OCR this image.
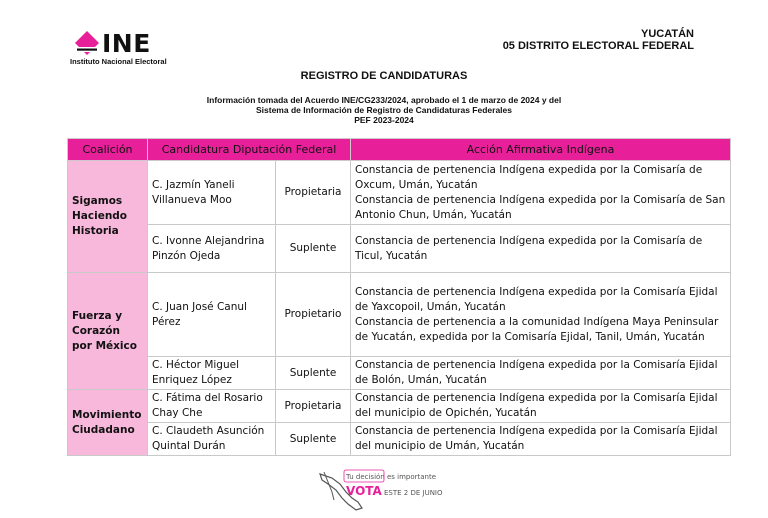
INE
Instituto Nacional Electoral
YUCATÁN
05 DISTRITO ELECTORAL FEDERAL
REGISTRO DE CANDIDATURAS
Información tomada del Acuerdo INE/CG233/2024, aprobado el 1 de marzo de 2024 y del
Sistema de Información de Registro de Candidaturas Federales
PEF 2023-2024
Coalición	Candidatura Diputación Federal		Acción Afirmativa Indígena
Sigamos Haciendo Historia	C. Jazmín Yaneli Villanueva Moo	Propietaria	Constancia de pertenencia Indígena expedida por la Comisaría de Oxcum, Umán, Yucatán
Constancia de pertenencia Indígena expedida por la Comisaría de San Antonio Chun, Umán, Yucatán

	C. Ivonne Alejandrina Pinzón Ojeda	Suplente	Constancia de pertenencia Indígena expedida por la Comisaría de Ticul, Yucatán

Fuerza y Corazón por México	C. Juan José Canul Pérez	Propietario	Constancia de pertenencia Indígena expedida por la Comisaría Ejidal de Yaxcopoil, Umán, Yucatán
Constancia de pertenencia a la comunidad Indígena Maya Peninsular de Yucatán, expedida por la Comisaría Ejidal, Tanil, Umán, Yucatán

	C. Héctor Miguel Enriquez López	Suplente	Constancia de pertenencia Indígena expedida por la Comisaría Ejidal de Bolón, Umán, Yucatán

Movimiento Ciudadano	C. Fátima del Rosario Chay Che	Propietaria	Constancia de pertenencia Indígena expedida por la Comisaría Ejidal del municipio de Opichén, Yucatán

	C. Claudeth Asunción Quintal Durán	Suplente	Constancia de pertenencia Indígena expedida por la Comisaría Ejidal del municipio de Umán, Yucatán
Tu decisión es importante
VOTA ESTE 2 DE JUNIO
